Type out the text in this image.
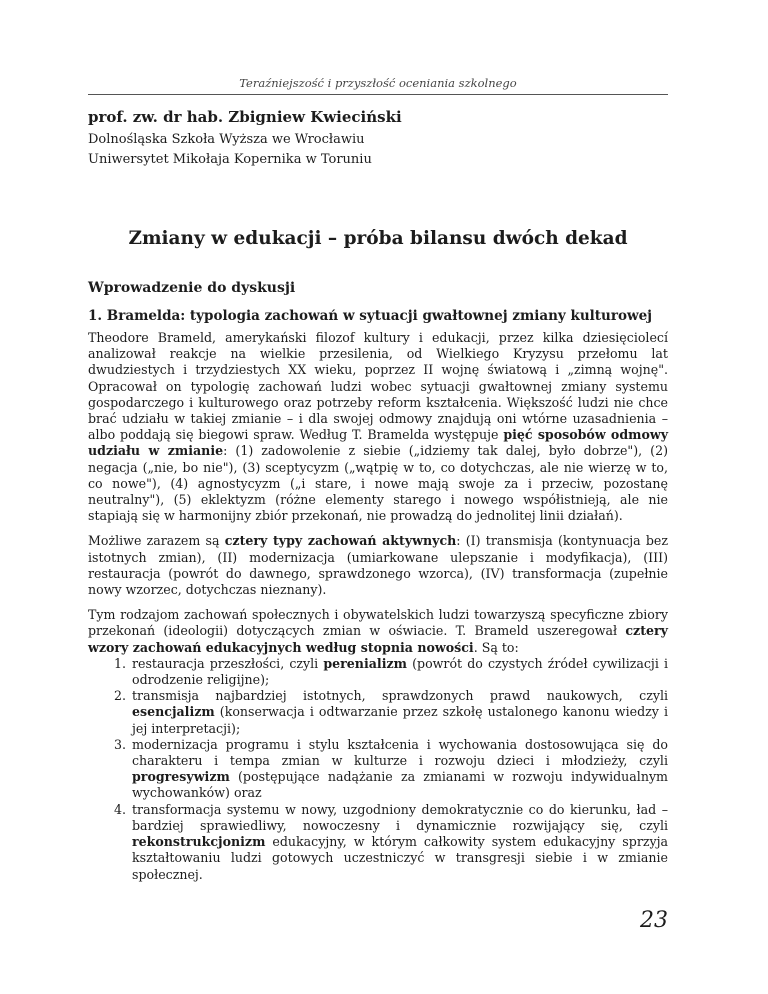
Teraźniejszość i przyszłość oceniania szkolnego
prof. zw. dr hab. Zbigniew Kwieciński
Dolnośląska Szkoła Wyższa we Wrocławiu
Uniwersytet Mikołaja Kopernika w Toruniu
Zmiany w edukacji – próba bilansu dwóch dekad
Wprowadzenie do dyskusji
1. Bramelda: typologia zachowań w sytuacji gwałtownej zmiany kulturowej

Theodore Brameld, amerykański filozof kultury i edukacji, przez kilka dziesięciolecí analizował reakcje na wielkie przesilenia, od Wielkiego Kryzysu przełomu lat dwudziestych i trzydziestych XX wieku, poprzez II wojnę światową i „zimną wojnę". Opracował on typologię zachowań ludzi wobec sytuacji gwałtownej zmiany systemu gospodarczego i kulturowego oraz potrzeby reform kształcenia. Większość ludzi nie chce brać udziału w takiej zmianie – i dla swojej odmowy znajdują oni wtórne uzasadnienia – albo poddają się biegowi spraw. Według T. Bramelda występuje pięć sposobów odmowy udziału w zmianie: (1) zadowolenie z siebie („idziemy tak dalej, było dobrze"), (2) negacja („nie, bo nie"), (3) sceptycyzm („wątpię w to, co dotychczas, ale nie wierzę w to, co nowe"), (4) agnostycyzm („i stare, i nowe mają swoje za i przeciw, pozostanę neutralny"), (5) eklektyzm (różne elementy starego i nowego współistnieją, ale nie stapiają się w harmonijny zbiór przekonań, nie prowadzą do jednolitej linii działań).

Możliwe zarazem są cztery typy zachowań aktywnych: (I) transmisja (kontynuacja bez istotnych zmian), (II) modernizacja (umiarkowane ulepszanie i modyfikacja), (III) restauracja (powrót do dawnego, sprawdzonego wzorca), (IV) transformacja (zupełnie nowy wzorzec, dotychczas nieznany).

Tym rodzajom zachowań społecznych i obywatelskich ludzi towarzyszą specyficzne zbiory przekonań (ideologii) dotyczących zmian w oświacie. T. Brameld uszeregował cztery wzory zachowań edukacyjnych według stopnia nowości. Są to:

1. restauracja przeszłości, czyli perenializm (powrót do czystych źródeł cywilizacji i odrodzenie religijne);
2. transmisja najbardziej istotnych, sprawdzonych prawd naukowych, czyli esencjalizm (konserwacja i odtwarzanie przez szkołę ustalonego kanonu wiedzy i jej interpretacji);
3. modernizacja programu i stylu kształcenia i wychowania dostosowująca się do charakteru i tempa zmian w kulturze i rozwoju dzieci i młodzieży, czyli progresywizm (postępujące nadążanie za zmianami w rozwoju indywidualnym wychowanków) oraz
4. transformacja systemu w nowy, uzgodniony demokratycznie co do kierunku, ład – bardziej sprawiedliwy, nowoczesny i dynamicznie rozwijający się, czyli rekonstrukcjonizm edukacyjny, w którym całkowity system edukacyjny sprzyja kształtowaniu ludzi gotowych uczestniczyć w transgresji siebie i w zmianie społecznej.
23
